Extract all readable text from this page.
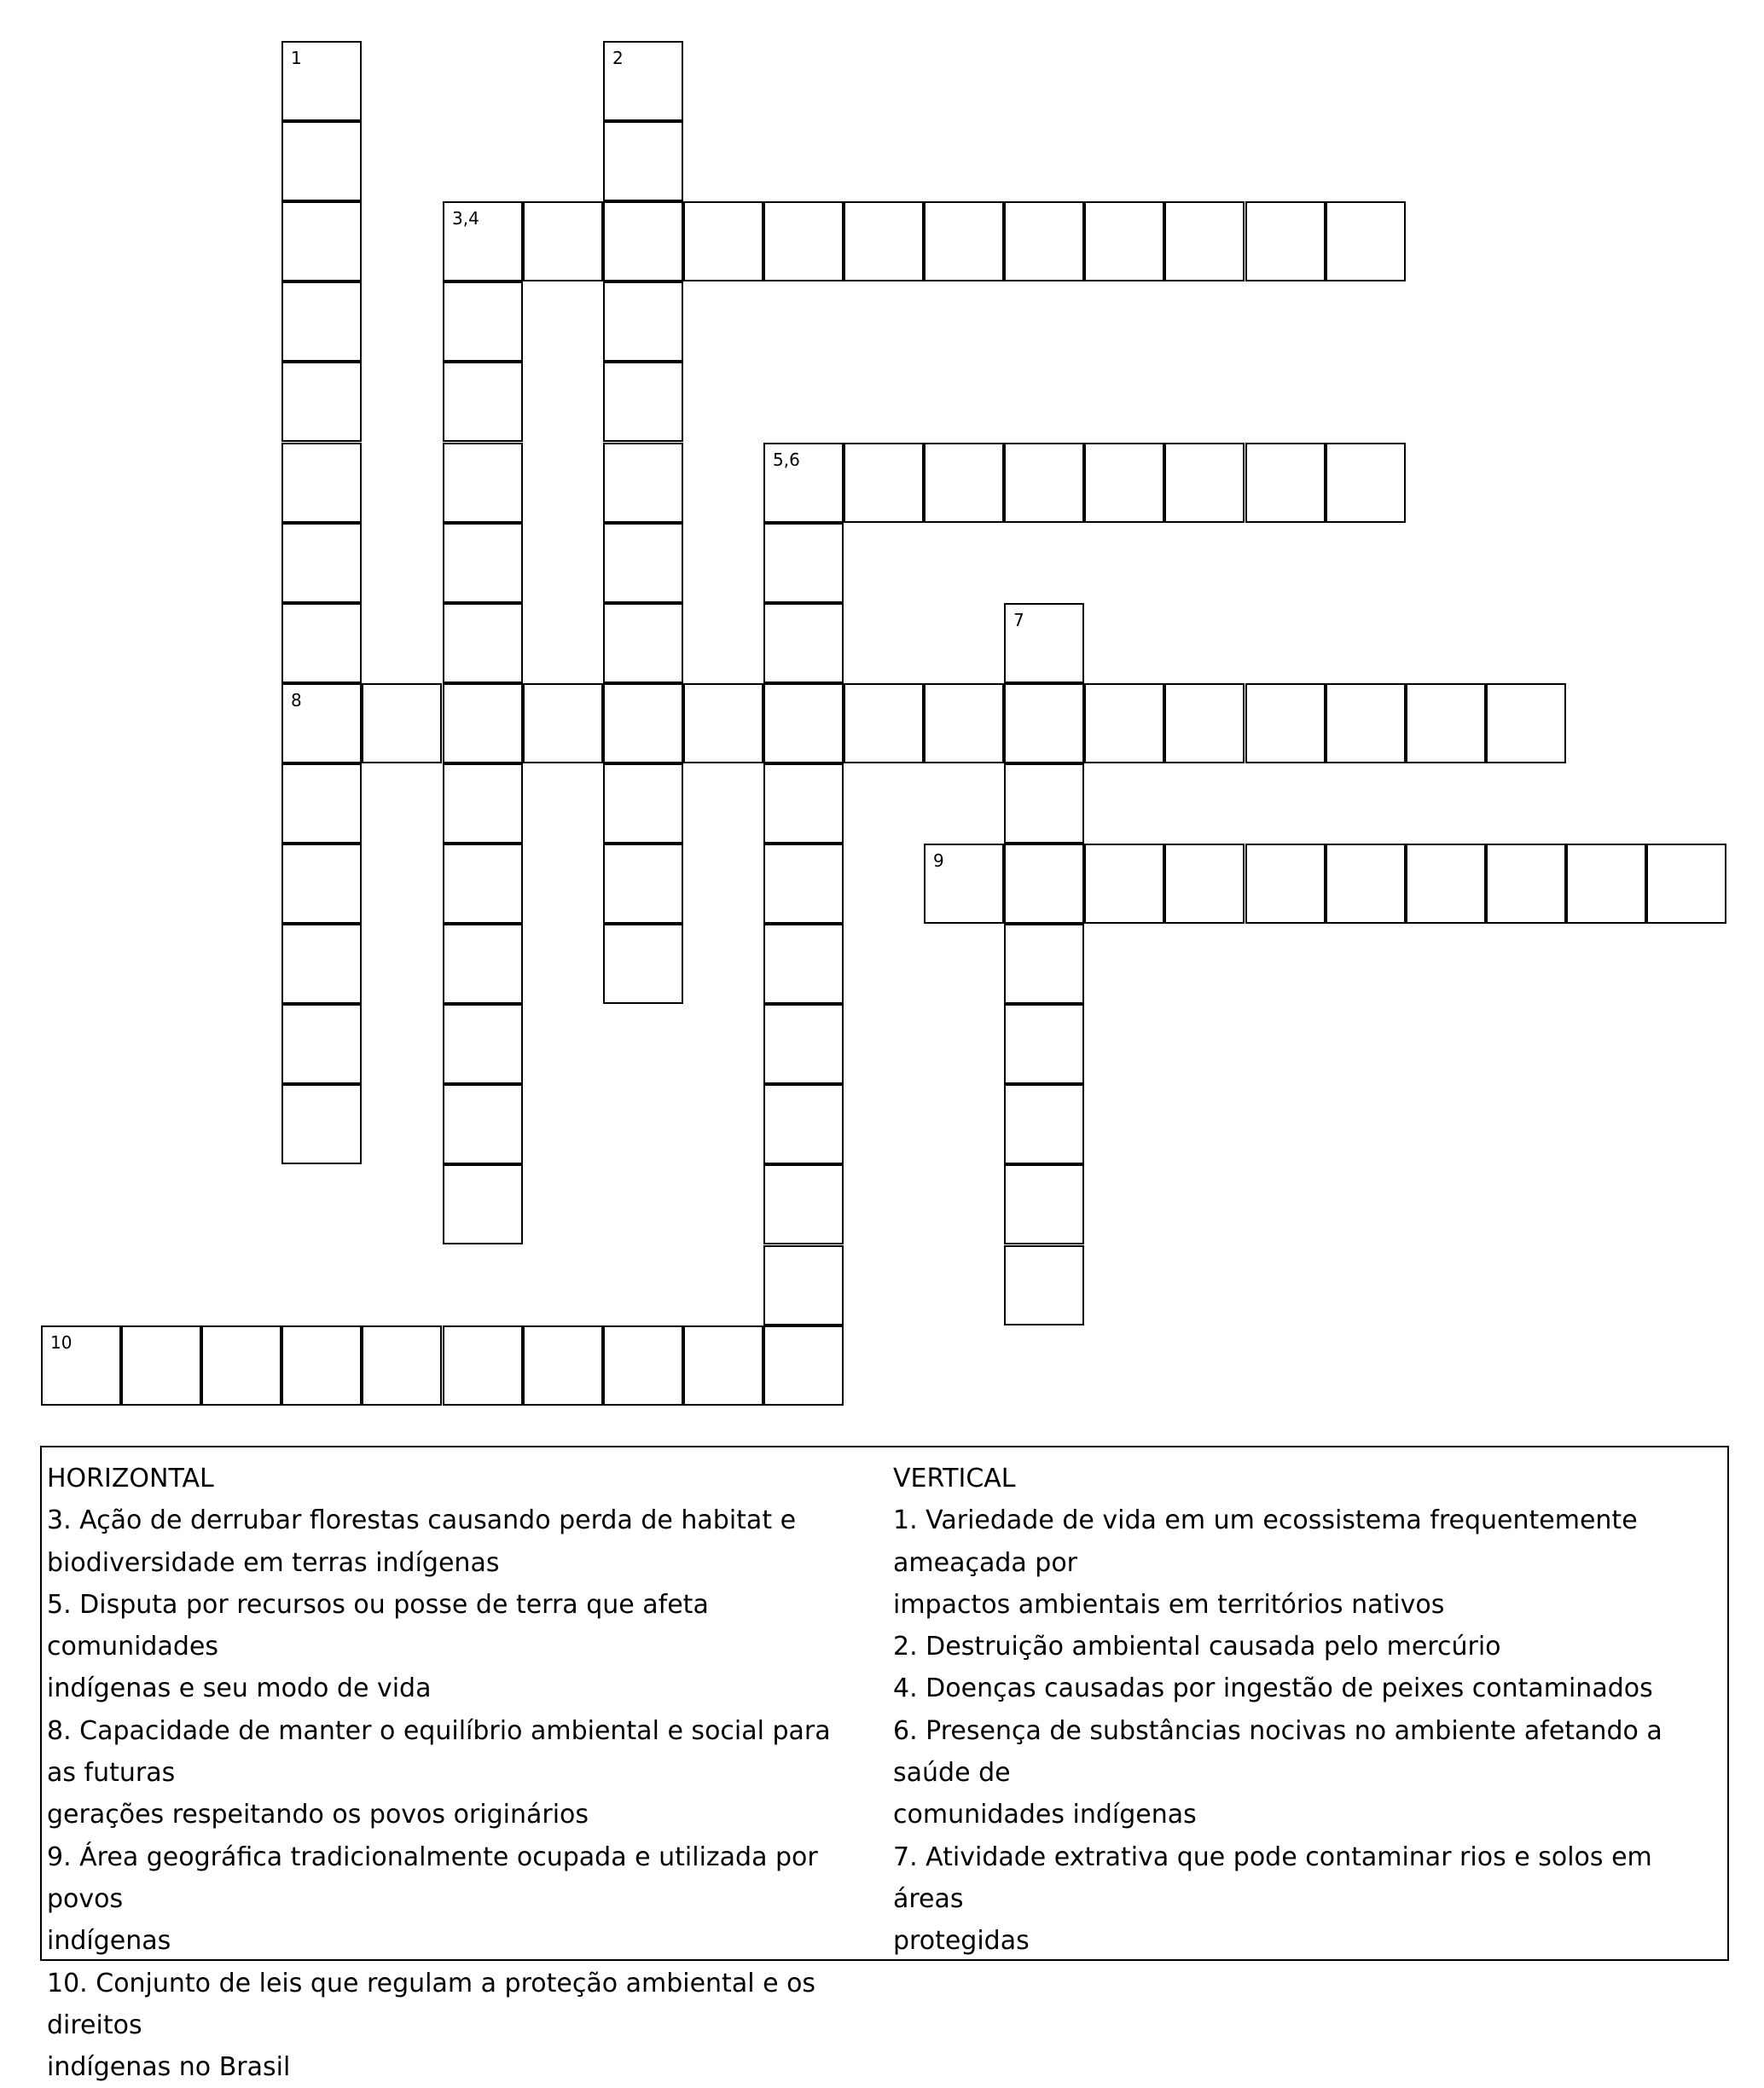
1
8
2
3,4
5,6
7
9
10
HORIZONTAL
3. Ação de derrubar florestas causando perda de habitat e
biodiversidade em terras indígenas
5. Disputa por recursos ou posse de terra que afeta comunidades
indígenas e seu modo de vida
8. Capacidade de manter o equilíbrio ambiental e social para as futuras
gerações respeitando os povos originários
9. Área geográfica tradicionalmente ocupada e utilizada por povos
indígenas
10. Conjunto de leis que regulam a proteção ambiental e os direitos
indígenas no Brasil
VERTICAL
1. Variedade de vida em um ecossistema frequentemente ameaçada por
impactos ambientais em territórios nativos
2. Destruição ambiental causada pelo mercúrio
4. Doenças causadas por ingestão de peixes contaminados
6. Presença de substâncias nocivas no ambiente afetando a saúde de
comunidades indígenas
7. Atividade extrativa que pode contaminar rios e solos em áreas
protegidas
